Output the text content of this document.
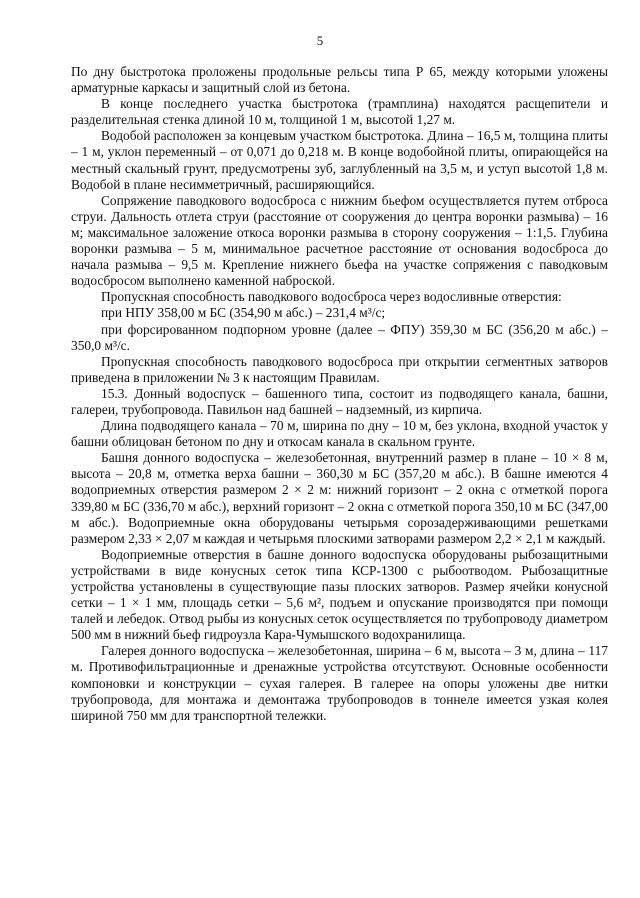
5

По дну быстротока проложены продольные рельсы типа Р 65, между которыми уложены арматурные каркасы и защитный слой из бетона.

В конце последнего участка быстротока (трамплина) находятся расщепители и разделительная стенка длиной 10 м, толщиной 1 м, высотой 1,27 м.

Водобой расположен за концевым участком быстротока. Длина – 16,5 м, толщина плиты – 1 м, уклон переменный – от 0,071 до 0,218 м. В конце водобойной плиты, опирающейся на местный скальный грунт, предусмотрены зуб, заглубленный на 3,5 м, и уступ высотой 1,8 м. Водобой в плане несимметричный, расширяющийся.

Сопряжение паводкового водосброса с нижним бьефом осуществляется путем отброса струи. Дальность отлета струи (расстояние от сооружения до центра воронки размыва) – 16 м; максимальное заложение откоса воронки размыва в сторону сооружения – 1:1,5. Глубина воронки размыва – 5 м, минимальное расчетное расстояние от основания водосброса до начала размыва – 9,5 м. Крепление нижнего бьефа на участке сопряжения с паводковым водосбросом выполнено каменной наброской.

Пропускная способность паводкового водосброса через водосливные отверстия:

при НПУ 358,00 м БС (354,90 м абс.) – 231,4 м³/с;

при форсированном подпорном уровне (далее – ФПУ) 359,30 м БС (356,20 м абс.) – 350,0 м³/с.

Пропускная способность паводкового водосброса при открытии сегментных затворов приведена в приложении № 3 к настоящим Правилам.

15.3. Донный водоспуск – башенного типа, состоит из подводящего канала, башни, галереи, трубопровода. Павильон над башней – надземный, из кирпича.

Длина подводящего канала – 70 м, ширина по дну – 10 м, без уклона, входной участок у башни облицован бетоном по дну и откосам канала в скальном грунте.

Башня донного водоспуска – железобетонная, внутренний размер в плане – 10 × 8 м, высота – 20,8 м, отметка верха башни – 360,30 м БС (357,20 м абс.). В башне имеются 4 водоприемных отверстия размером 2 × 2 м: нижний горизонт – 2 окна с отметкой порога 339,80 м БС (336,70 м абс.), верхний горизонт – 2 окна с отметкой порога 350,10 м БС (347,00 м абс.). Водоприемные окна оборудованы четырьмя сорозадерживающими решетками размером 2,33 × 2,07 м каждая и четырьмя плоскими затворами размером 2,2 × 2,1 м каждый.

Водоприемные отверстия в башне донного водоспуска оборудованы рыбозащитными устройствами в виде конусных сеток типа КСР-1300 с рыбоотводом. Рыбозащитные устройства установлены в существующие пазы плоских затворов. Размер ячейки конусной сетки – 1 × 1 мм, площадь сетки – 5,6 м², подъем и опускание производятся при помощи талей и лебедок. Отвод рыбы из конусных сеток осуществляется по трубопроводу диаметром 500 мм в нижний бьеф гидроузла Кара-Чумышского водохранилища.

Галерея донного водоспуска – железобетонная, ширина – 6 м, высота – 3 м, длина – 117 м. Противофильтрационные и дренажные устройства отсутствуют. Основные особенности компоновки и конструкции – сухая галерея. В галерее на опоры уложены две нитки трубопровода, для монтажа и демонтажа трубопроводов в тоннеле имеется узкая колея шириной 750 мм для транспортной тележки.
